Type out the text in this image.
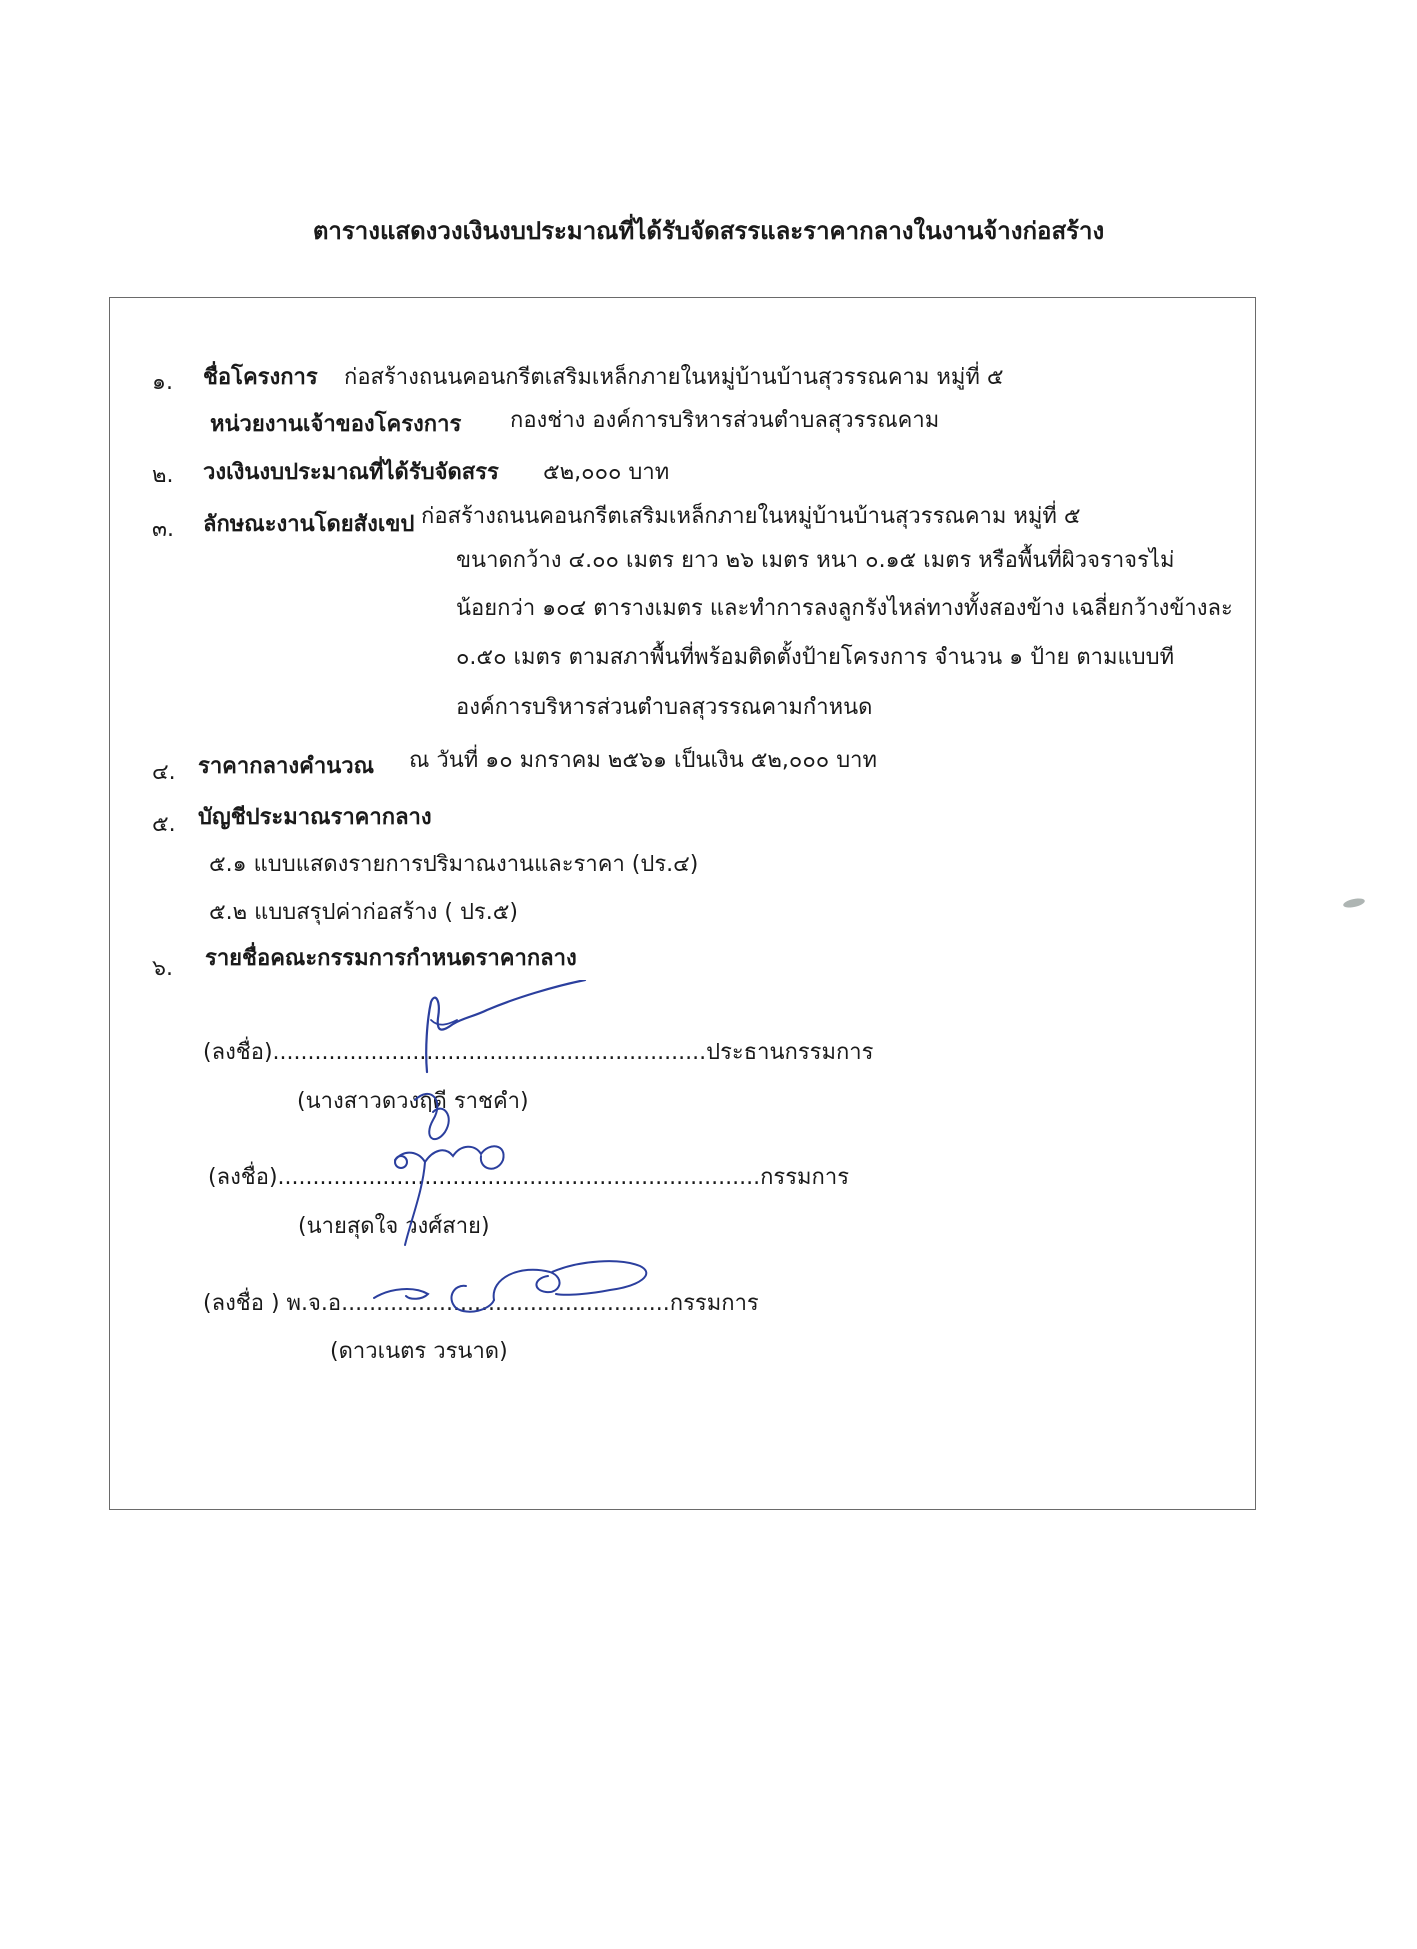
ตารางแสดงวงเงินงบประมาณที่ได้รับจัดสรรและราคากลางในงานจ้างก่อสร้าง
๑. ชื่อโครงการ ก่อสร้างถนนคอนกรีตเสริมเหล็กภายในหมู่บ้านบ้านสุวรรณคาม หมู่ที่ ๕
หน่วยงานเจ้าของโครงการ กองช่าง องค์การบริหารส่วนตำบลสุวรรณคาม
๒. วงเงินงบประมาณที่ได้รับจัดสรร ๕๒,๐๐๐ บาท
๓. ลักษณะงานโดยสังเขป ก่อสร้างถนนคอนกรีตเสริมเหล็กภายในหมู่บ้านบ้านสุวรรณคาม หมู่ที่ ๕
ขนาดกว้าง ๔.๐๐ เมตร ยาว ๒๖ เมตร หนา ๐.๑๕ เมตร หรือพื้นที่ผิวจราจรไม่
น้อยกว่า ๑๐๔ ตารางเมตร และทำการลงลูกรังไหล่ทางทั้งสองข้าง เฉลี่ยกว้างข้างละ
๐.๕๐ เมตร ตามสภาพื้นที่พร้อมติดตั้งป้ายโครงการ จำนวน ๑ ป้าย ตามแบบที
องค์การบริหารส่วนตำบลสุวรรณคามกำหนด
๔. ราคากลางคำนวณ ณ วันที่ ๑๐ มกราคม ๒๕๖๑ เป็นเงิน ๕๒,๐๐๐ บาท
๕. บัญชีประมาณราคากลาง
๕.๑ แบบแสดงรายการปริมาณงานและราคา (ปร.๔)
๕.๒ แบบสรุปค่าก่อสร้าง ( ปร.๕)
๖. รายชื่อคณะกรรมการกำหนดราคากลาง
(ลงชื่อ)..............................................................ประธานกรรมการ
(นางสาวดวงฤดี ราชคำ)
(ลงชื่อ).....................................................................กรรมการ
(นายสุดใจ วงศ์สาย)
(ลงชื่อ ) พ.จ.อ...............................................กรรมการ
(ดาวเนตร วรนาด)
